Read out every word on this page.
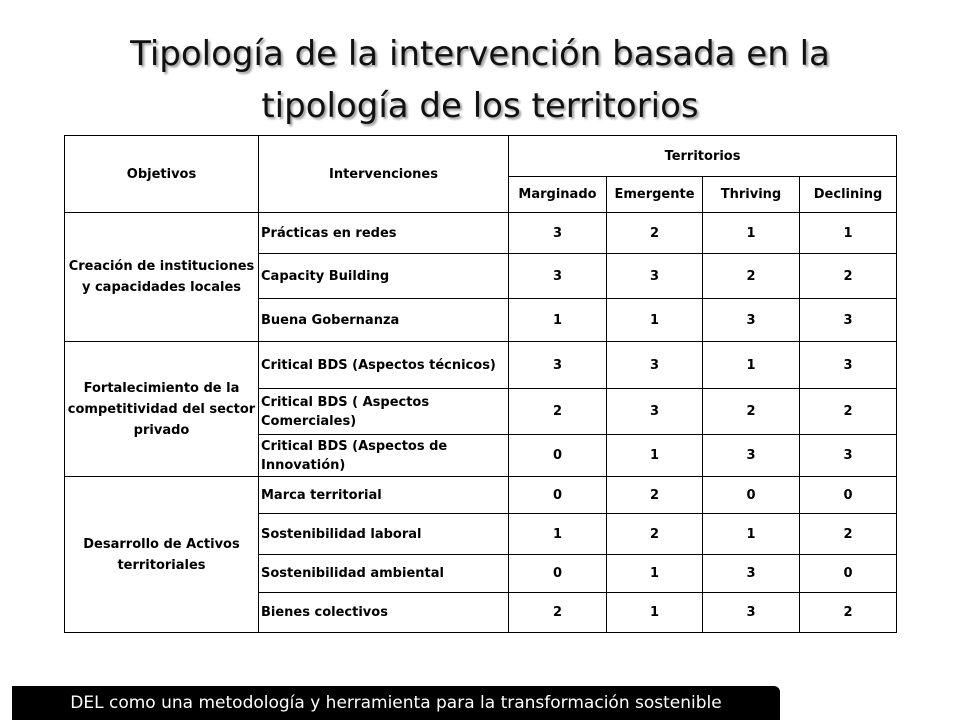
Tipología de la intervención basada en la
tipología de los territorios
Objetivos	Intervenciones	Territorios			
		Marginado	Emergente	Thriving	Declining
Creación de instituciones y capacidades locales	Prácticas en redes	3	2	1	1
	Capacity Building	3	3	2	2
	Buena Gobernanza	1	1	3	3
Fortalecimiento de la competitividad del sector privado	Critical BDS (Aspectos técnicos)	3	3	1	3
	Critical BDS ( Aspectos Comerciales)	2	3	2	2
	Critical BDS (Aspectos de Innovatión)	0	1	3	3
Desarrollo de Activos territoriales	Marca territorial	0	2	0	0
	Sostenibilidad laboral	1	2	1	2
	Sostenibilidad ambiental	0	1	3	0
	Bienes colectivos	2	1	3	2
DEL como una metodología y herramienta para la transformación sostenible
